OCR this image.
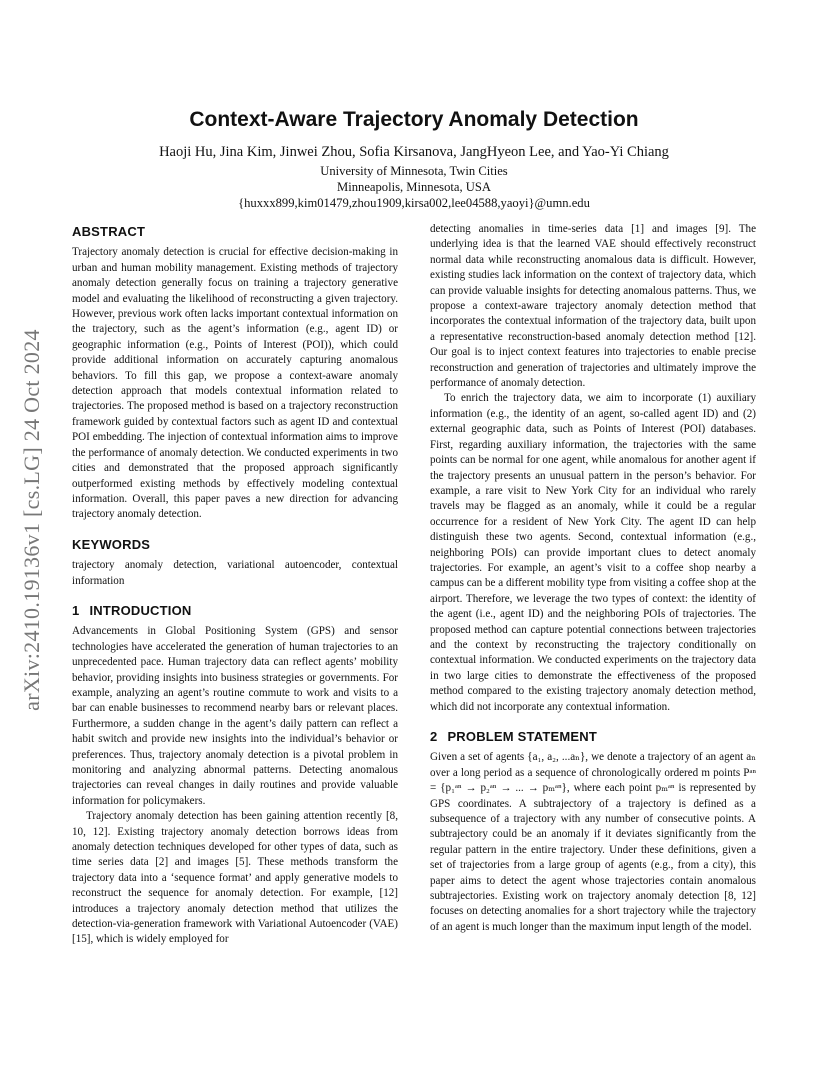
arXiv:2410.19136v1 [cs.LG] 24 Oct 2024
Context-Aware Trajectory Anomaly Detection

Haoji Hu, Jina Kim, Jinwei Zhou, Sofia Kirsanova, JangHyeon Lee, and Yao-Yi Chiang

University of Minnesota, Twin Cities

Minneapolis, Minnesota, USA

{huxxx899,kim01479,zhou1909,kirsa002,lee04588,yaoyi}@umn.edu

ABSTRACT

Trajectory anomaly detection is crucial for effective decision-making in urban and human mobility management. Existing methods of trajectory anomaly detection generally focus on training a trajectory generative model and evaluating the likelihood of reconstructing a given trajectory. However, previous work often lacks important contextual information on the trajectory, such as the agent’s information (e.g., agent ID) or geographic information (e.g., Points of Interest (POI)), which could provide additional information on accurately capturing anomalous behaviors. To fill this gap, we propose a context-aware anomaly detection approach that models contextual information related to trajectories. The proposed method is based on a trajectory reconstruction framework guided by contextual factors such as agent ID and contextual POI embedding. The injection of contextual information aims to improve the performance of anomaly detection. We conducted experiments in two cities and demonstrated that the proposed approach significantly outperformed existing methods by effectively modeling contextual information. Overall, this paper paves a new direction for advancing trajectory anomaly detection.

KEYWORDS

trajectory anomaly detection, variational autoencoder, contextual information

1 INTRODUCTION

Advancements in Global Positioning System (GPS) and sensor technologies have accelerated the generation of human trajectories to an unprecedented pace. Human trajectory data can reflect agents’ mobility behavior, providing insights into business strategies or governments. For example, analyzing an agent’s routine commute to work and visits to a bar can enable businesses to recommend nearby bars or relevant places. Furthermore, a sudden change in the agent’s daily pattern can reflect a habit switch and provide new insights into the individual’s behavior or preferences. Thus, trajectory anomaly detection is a pivotal problem in monitoring and analyzing abnormal patterns. Detecting anomalous trajectories can reveal changes in daily routines and provide valuable information for policymakers.

Trajectory anomaly detection has been gaining attention recently [8, 10, 12]. Existing trajectory anomaly detection borrows ideas from anomaly detection techniques developed for other types of data, such as time series data [2] and images [5]. These methods transform the trajectory data into a ‘sequence format’ and apply generative models to reconstruct the sequence for anomaly detection. For example, [12] introduces a trajectory anomaly detection method that utilizes the detection-via-generation framework with Variational Autoencoder (VAE) [15], which is widely employed for

detecting anomalies in time-series data [1] and images [9]. The underlying idea is that the learned VAE should effectively reconstruct normal data while reconstructing anomalous data is difficult. However, existing studies lack information on the context of trajectory data, which can provide valuable insights for detecting anomalous patterns. Thus, we propose a context-aware trajectory anomaly detection method that incorporates the contextual information of the trajectory data, built upon a representative reconstruction-based anomaly detection method [12]. Our goal is to inject context features into trajectories to enable precise reconstruction and generation of trajectories and ultimately improve the performance of anomaly detection.

To enrich the trajectory data, we aim to incorporate (1) auxiliary information (e.g., the identity of an agent, so-called agent ID) and (2) external geographic data, such as Points of Interest (POI) databases. First, regarding auxiliary information, the trajectories with the same points can be normal for one agent, while anomalous for another agent if the trajectory presents an unusual pattern in the person’s behavior. For example, a rare visit to New York City for an individual who rarely travels may be flagged as an anomaly, while it could be a regular occurrence for a resident of New York City. The agent ID can help distinguish these two agents. Second, contextual information (e.g., neighboring POIs) can provide important clues to detect anomaly trajectories. For example, an agent’s visit to a coffee shop nearby a campus can be a different mobility type from visiting a coffee shop at the airport. Therefore, we leverage the two types of context: the identity of the agent (i.e., agent ID) and the neighboring POIs of trajectories. The proposed method can capture potential connections between trajectories and the context by reconstructing the trajectory conditionally on contextual information. We conducted experiments on the trajectory data in two large cities to demonstrate the effectiveness of the proposed method compared to the existing trajectory anomaly detection method, which did not incorporate any contextual information.

2 PROBLEM STATEMENT

Given a set of agents {a₁, a₂, ...aₙ}, we denote a trajectory of an agent aₙ over a long period as a sequence of chronologically ordered m points Pᵃⁿ = {p₁ᵃⁿ → p₂ᵃⁿ → ... → pₘᵃⁿ}, where each point pₘᵃⁿ is represented by GPS coordinates. A subtrajectory of a trajectory is defined as a subsequence of a trajectory with any number of consecutive points. A subtrajectory could be an anomaly if it deviates significantly from the regular pattern in the entire trajectory. Under these definitions, given a set of trajectories from a large group of agents (e.g., from a city), this paper aims to detect the agent whose trajectories contain anomalous subtrajectories. Existing work on trajectory anomaly detection [8, 12] focuses on detecting anomalies for a short trajectory while the trajectory of an agent is much longer than the maximum input length of the model.
